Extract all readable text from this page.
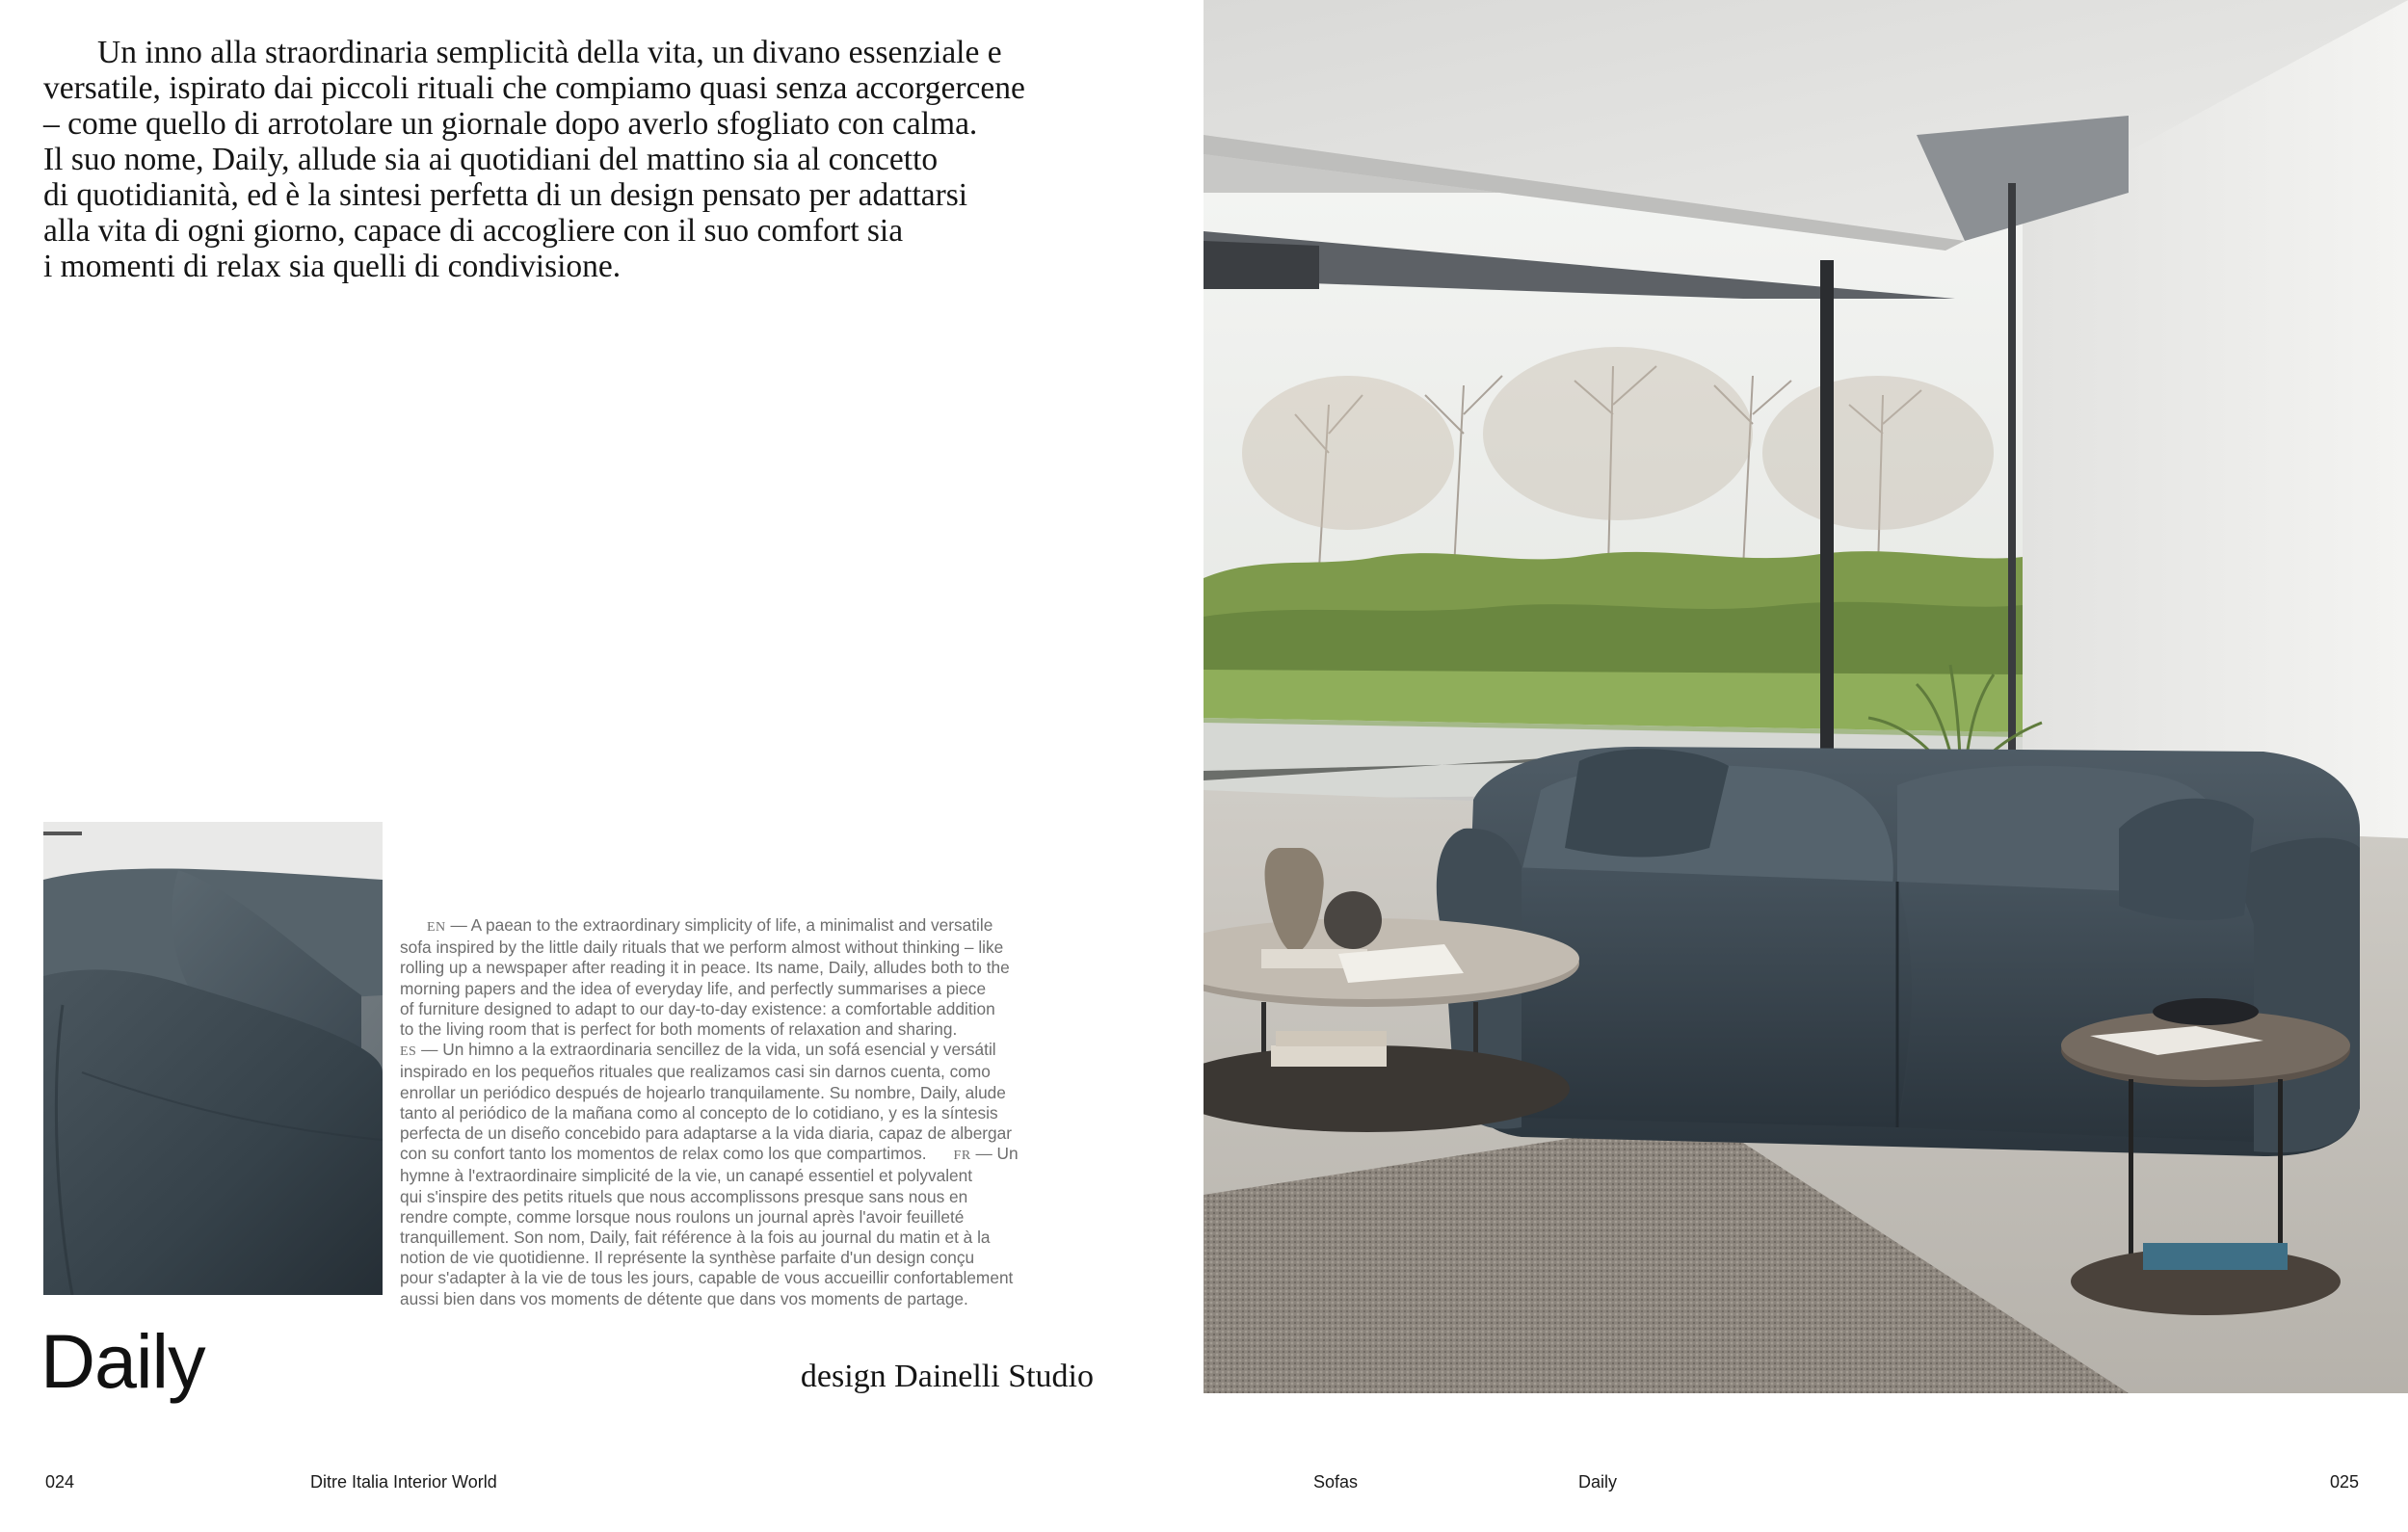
Un inno alla straordinaria semplicità della vita, un divano essenziale e
versatile, ispirato dai piccoli rituali che compiamo quasi senza accorgercene
– come quello di arrotolare un giornale dopo averlo sfogliato con calma.
Il suo nome, Daily, allude sia ai quotidiani del mattino sia al concetto
di quotidianità, ed è la sintesi perfetta di un design pensato per adattarsi
alla vita di ogni giorno, capace di accogliere con il suo comfort sia
i momenti di relax sia quelli di condivisione.

EN — A paean to the extraordinary simplicity of life, a minimalist and versatile
sofa inspired by the little daily rituals that we perform almost without thinking – like
rolling up a newspaper after reading it in peace. Its name, Daily, alludes both to the
morning papers and the idea of everyday life, and perfectly summarises a piece
of furniture designed to adapt to our day-to-day existence: a comfortable addition
to the living room that is perfect for both moments of relaxation and sharing.
ES — Un himno a la extraordinaria sencillez de la vida, un sofá esencial y versátil
inspirado en los pequeños rituales que realizamos casi sin darnos cuenta, como
enrollar un periódico después de hojearlo tranquilamente. Su nombre, Daily, alude
tanto al periódico de la mañana como al concepto de lo cotidiano, y es la síntesis
perfecta de un diseño concebido para adaptarse a la vida diaria, capaz de albergar
con su confort tanto los momentos de relax como los que compartimos. FR — Un
hymne à l'extraordinaire simplicité de la vie, un canapé essentiel et polyvalent
qui s'inspire des petits rituels que nous accomplissons presque sans nous en
rendre compte, comme lorsque nous roulons un journal après l'avoir feuilleté
tranquillement. Son nom, Daily, fait référence à la fois au journal du matin et à la
notion de vie quotidienne. Il représente la synthèse parfaite d'un design conçu
pour s'adapter à la vie de tous les jours, capable de vous accueillir confortablement
aussi bien dans vos moments de détente que dans vos moments de partage.

Daily	design Dainelli Studio
024	Ditre Italia Interior World	Sofas	Daily	025
